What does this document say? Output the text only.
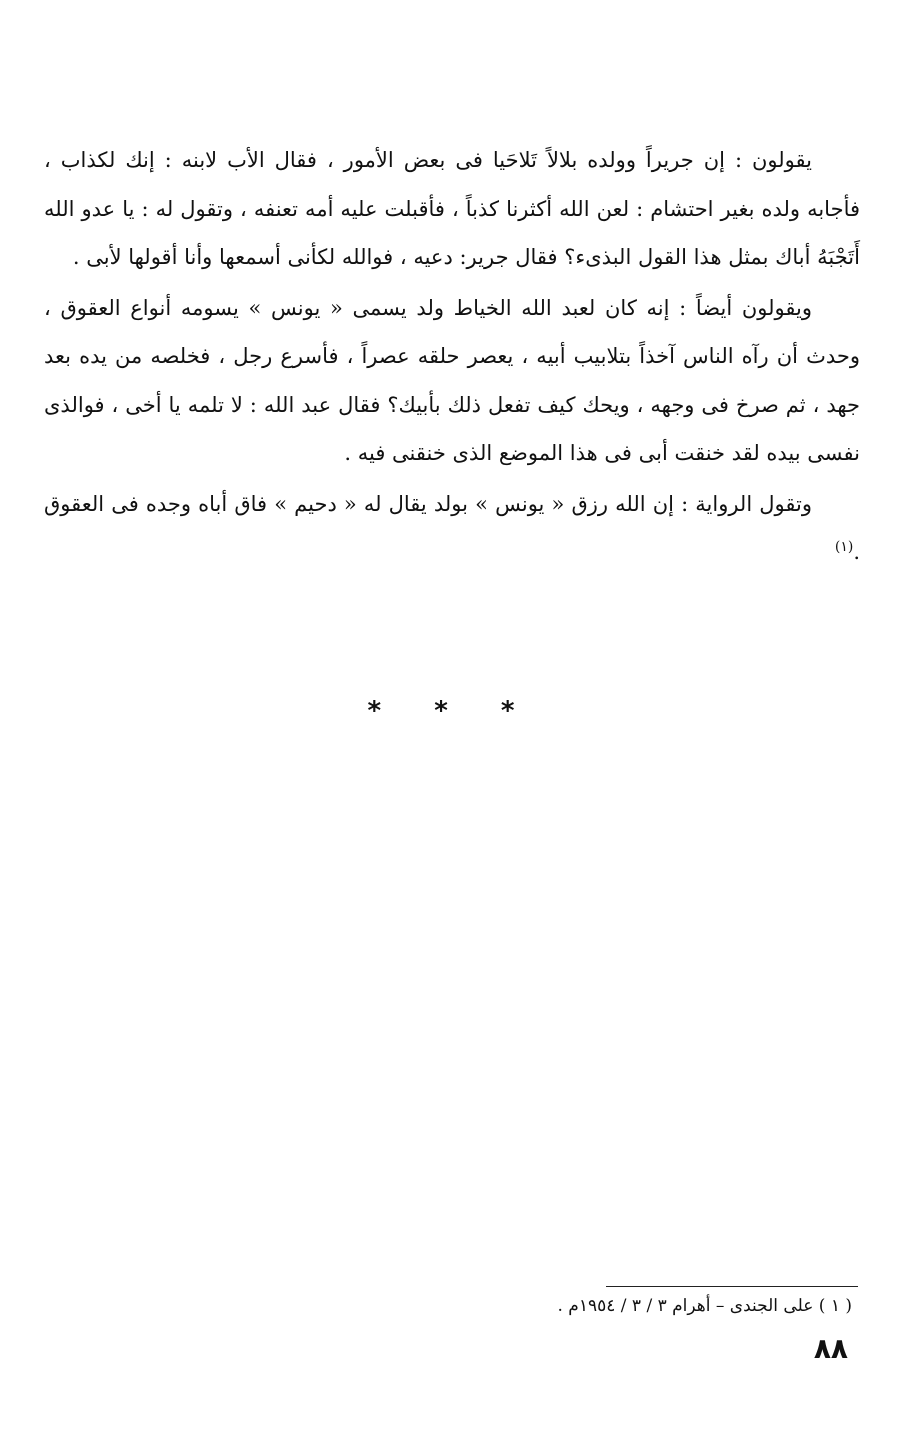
يقولون : إن جريراً وولده بلالاً تَلاحَيا فى بعض الأمور ، فقال الأب لابنه : إنك لكذاب ، فأجابه ولده بغير احتشام : لعن الله أكثرنا كذباً ، فأقبلت عليه أمه تعنفه ، وتقول له : يا عدو الله أَتَجْبَهُ أباك بمثل هذا القول البذىء؟ فقال جرير: دعيه ، فوالله لكأنى أسمعها وأنا أقولها لأبى .

ويقولون أيضاً : إنه كان لعبد الله الخياط ولد يسمى « يونس » يسومه أنواع العقوق ، وحدث أن رآه الناس آخذاً بتلابيب أبيه ، يعصر حلقه عصراً ، فأسرع رجل ، فخلصه من يده بعد جهد ، ثم صرخ فى وجهه ، ويحك كيف تفعل ذلك بأبيك؟ فقال عبد الله : لا تلمه يا أخى ، فوالذى نفسى بيده لقد خنقت أبى فى هذا الموضع الذى خنقنى فيه .

وتقول الرواية : إن الله رزق « يونس » بولد يقال له « دحيم » فاق أباه وجده فى العقوق .$^{(١)}$

* * *
( ١ ) على الجندى – أهرام ٣ / ٣ / ١٩٥٤م .
٨٨
